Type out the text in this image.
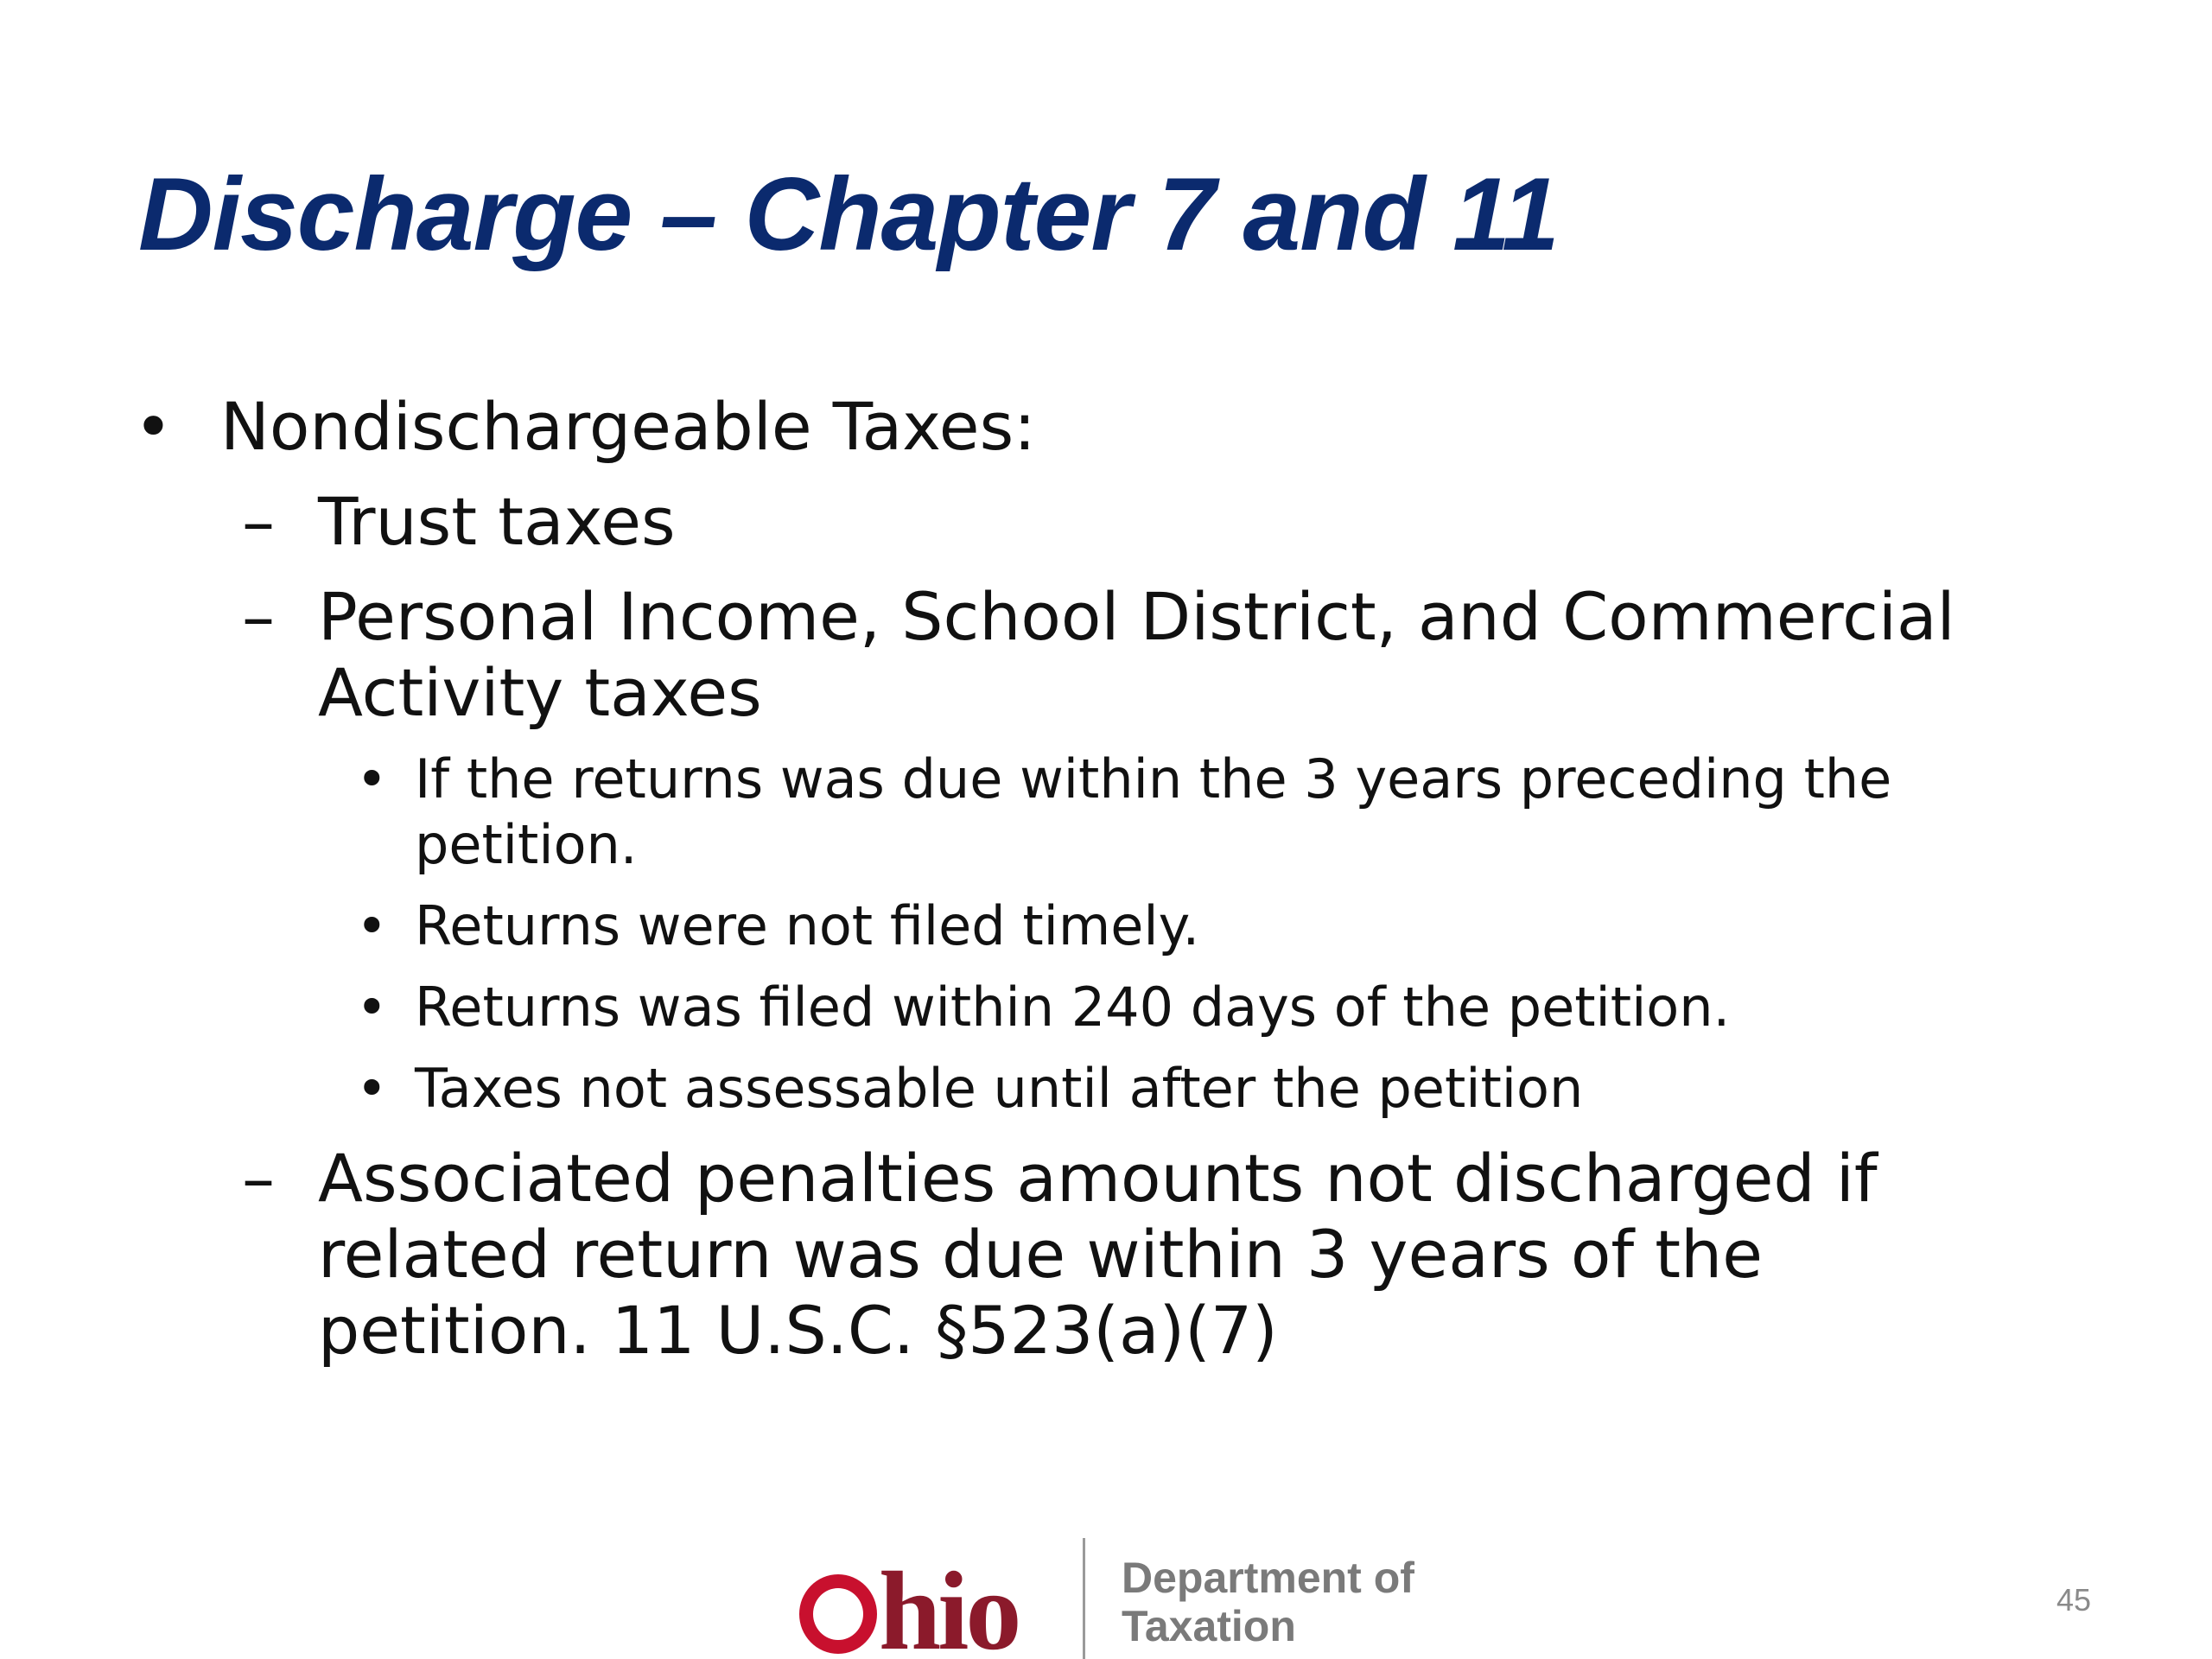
Discharge – Chapter 7 and 11
• Nondischargeable Taxes:
– Trust taxes
– Personal Income, School District, and Commercial Activity taxes
• If the returns was due within the 3 years preceding the petition.
• Returns were not filed timely.
• Returns was filed within 240 days of the petition.
• Taxes not assessable until after the petition
– Associated penalties amounts not discharged if related return was due within 3 years of the petition. 11 U.S.C. §523(a)(7)
hio Department of
Taxation
45
